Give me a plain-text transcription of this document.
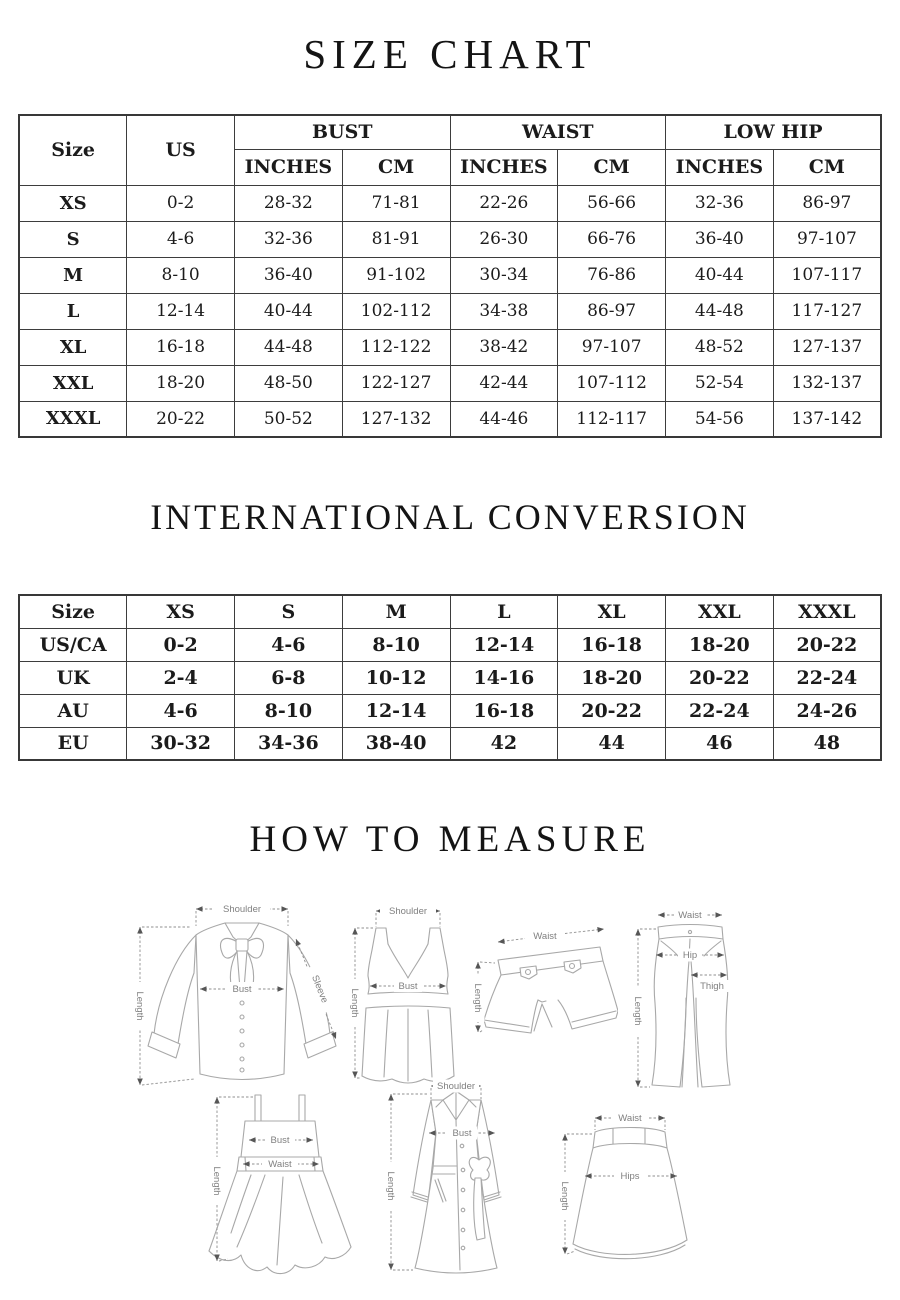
SIZE CHART
Size	US	BUST		WAIST		LOW HIP	
		INCHES	CM	INCHES	CM	INCHES	CM
XS	0-2	28-32	71-81	22-26	56-66	32-36	86-97
S	4-6	32-36	81-91	26-30	66-76	36-40	97-107
M	8-10	36-40	91-102	30-34	76-86	40-44	107-117
L	12-14	40-44	102-112	34-38	86-97	44-48	117-127
XL	16-18	44-48	112-122	38-42	97-107	48-52	127-137
XXL	18-20	48-50	122-127	42-44	107-112	52-54	132-137
XXXL	20-22	50-52	127-132	44-46	112-117	54-56	137-142
INTERNATIONAL CONVERSION
Size	XS	S	M	L	XL	XXL	XXXL
US/CA	0-2	4-6	8-10	12-14	16-18	18-20	20-22
UK	2-4	6-8	10-12	14-16	18-20	20-22	22-24
AU	4-6	8-10	12-14	16-18	20-22	22-24	24-26
EU	30-32	34-36	38-40	42	44	46	48
HOW TO MEASURE
Shoulder
Bust
Length
Sleeve
Shoulder
Bust
Length
Waist
Length
Waist
Hip
Thigh
Length
Bust
Waist
Length
Shoulder
Bust
Length
Waist
Hips
Length
